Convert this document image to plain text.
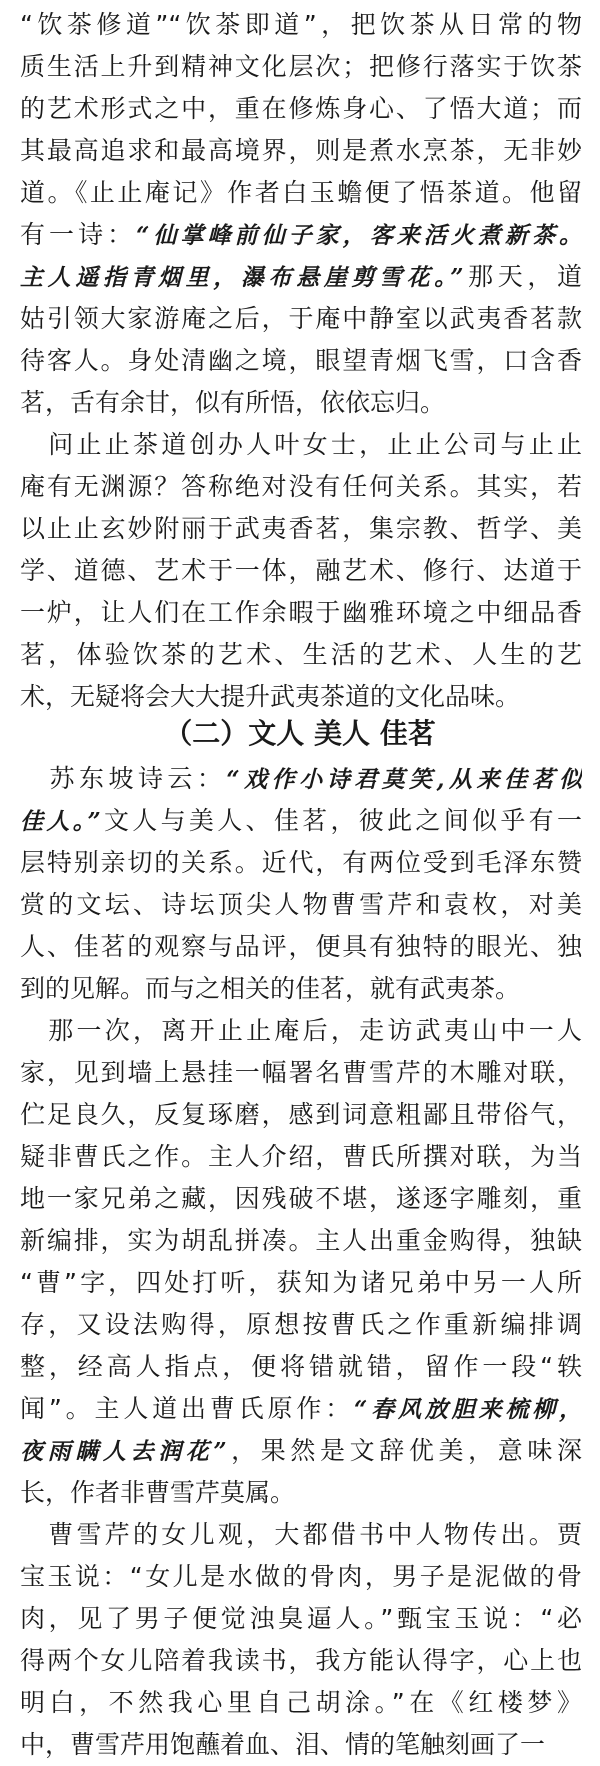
“饮茶修道”“饮茶即道”，把饮茶从日常的物
质生活上升到精神文化层次；把修行落实于饮茶
的艺术形式之中，重在修炼身心、了悟大道；而
其最高追求和最高境界，则是煮水烹茶，无非妙
道。《止止庵记》作者白玉蟾便了悟茶道。他留
有一诗：“仙掌峰前仙子家，客来活火煮新茶。
主人遥指青烟里，瀑布悬崖剪雪花。”那天，道
姑引领大家游庵之后，于庵中静室以武夷香茗款
待客人。身处清幽之境，眼望青烟飞雪，口含香
茗，舌有余甘，似有所悟，依依忘归。
　问止止茶道创办人叶女士，止止公司与止止
庵有无渊源？答称绝对没有任何关系。其实，若
以止止玄妙附丽于武夷香茗，集宗教、哲学、美
学、道德、艺术于一体，融艺术、修行、达道于
一炉，让人们在工作余暇于幽雅环境之中细品香
茗，体验饮茶的艺术、生活的艺术、人生的艺
术，无疑将会大大提升武夷茶道的文化品味。
　苏东坡诗云：“戏作小诗君莫笑,从来佳茗似
佳人。”文人与美人、佳茗，彼此之间似乎有一
层特别亲切的关系。近代，有两位受到毛泽东赞
赏的文坛、诗坛顶尖人物曹雪芹和袁枚，对美
人、佳茗的观察与品评，便具有独特的眼光、独
到的见解。而与之相关的佳茗，就有武夷茶。
　那一次，离开止止庵后，走访武夷山中一人
家，见到墙上悬挂一幅署名曹雪芹的木雕对联，
伫足良久，反复琢磨，感到词意粗鄙且带俗气，
疑非曹氏之作。主人介绍，曹氏所撰对联，为当
地一家兄弟之藏，因残破不堪，遂逐字雕刻，重
新编排，实为胡乱拼凑。主人出重金购得，独缺
“曹”字，四处打听，获知为诸兄弟中另一人所
存，又设法购得，原想按曹氏之作重新编排调
整，经高人指点，便将错就错，留作一段“轶
闻”。主人道出曹氏原作：“春风放胆来梳柳，
夜雨瞒人去润花”，果然是文辞优美，意味深
长，作者非曹雪芹莫属。
　曹雪芹的女儿观，大都借书中人物传出。贾
宝玉说：“女儿是水做的骨肉，男子是泥做的骨
肉，见了男子便觉浊臭逼人。”甄宝玉说：“必
得两个女儿陪着我读书，我方能认得字，心上也
明白，不然我心里自己胡涂。”在《红楼梦》
中，曹雪芹用饱蘸着血、泪、情的笔触刻画了一
（二）文人 美人 佳茗
